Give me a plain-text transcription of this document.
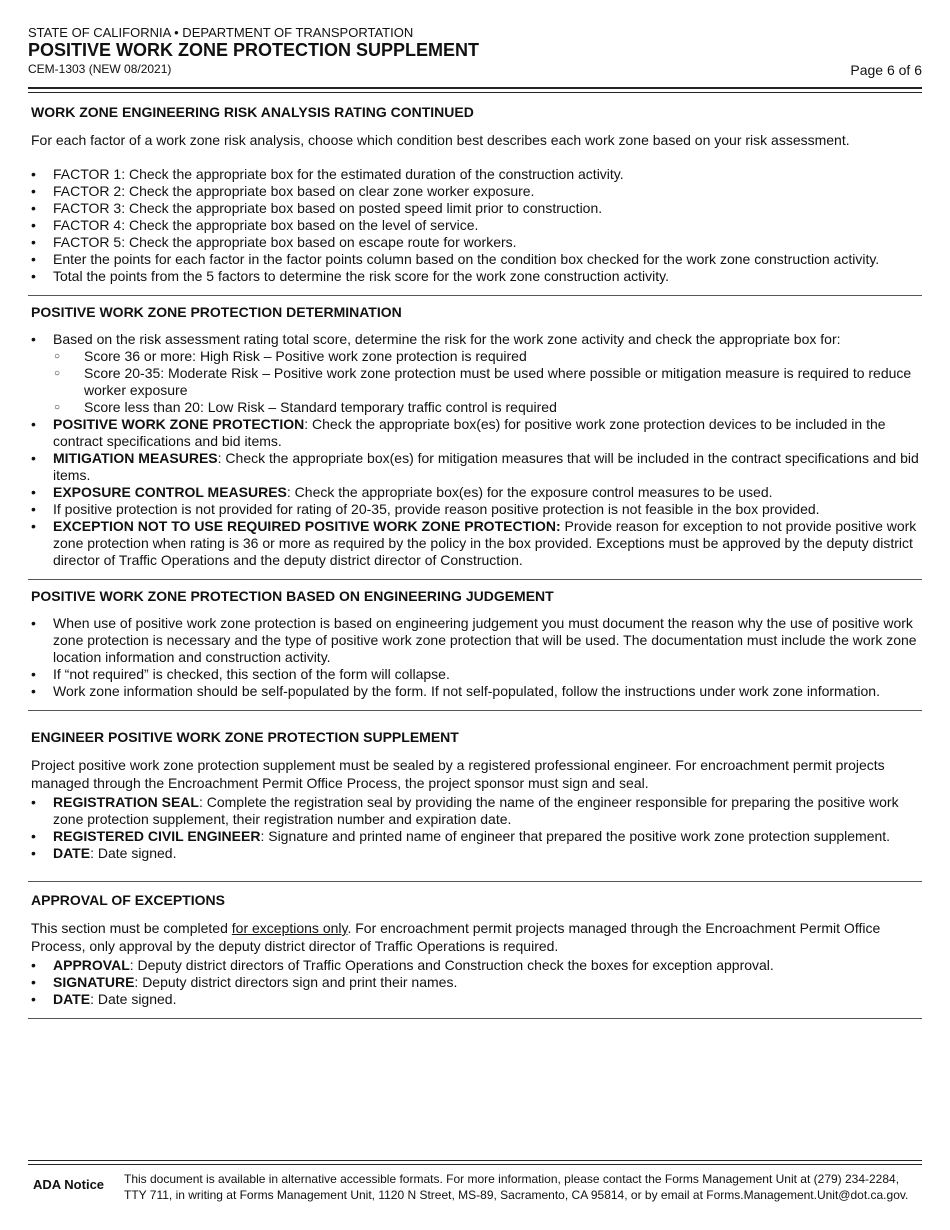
STATE OF CALIFORNIA • DEPARTMENT OF TRANSPORTATION
POSITIVE WORK ZONE PROTECTION SUPPLEMENT
CEM-1303 (NEW 08/2021)	Page 6 of 6
WORK ZONE ENGINEERING RISK ANALYSIS RATING CONTINUED
For each factor of a work zone risk analysis, choose which condition best describes each work zone based on your risk assessment.
• FACTOR 1: Check the appropriate box for the estimated duration of the construction activity.
• FACTOR 2: Check the appropriate box based on clear zone worker exposure.
• FACTOR 3: Check the appropriate box based on posted speed limit prior to construction.
• FACTOR 4: Check the appropriate box based on the level of service.
• FACTOR 5: Check the appropriate box based on escape route for workers.
• Enter the points for each factor in the factor points column based on the condition box checked for the work zone construction activity.
• Total the points from the 5 factors to determine the risk score for the work zone construction activity.
POSITIVE WORK ZONE PROTECTION DETERMINATION
• Based on the risk assessment rating total score, determine the risk for the work zone activity and check the appropriate box for:
○ Score 36 or more: High Risk – Positive work zone protection is required
○ Score 20-35: Moderate Risk – Positive work zone protection must be used where possible or mitigation measure is required to reduce worker exposure
○ Score less than 20: Low Risk – Standard temporary traffic control is required
• POSITIVE WORK ZONE PROTECTION: Check the appropriate box(es) for positive work zone protection devices to be included in the contract specifications and bid items.
• MITIGATION MEASURES: Check the appropriate box(es) for mitigation measures that will be included in the contract specifications and bid items.
• EXPOSURE CONTROL MEASURES: Check the appropriate box(es) for the exposure control measures to be used.
• If positive protection is not provided for rating of 20-35, provide reason positive protection is not feasible in the box provided.
• EXCEPTION NOT TO USE REQUIRED POSITIVE WORK ZONE PROTECTION: Provide reason for exception to not provide positive work zone protection when rating is 36 or more as required by the policy in the box provided. Exceptions must be approved by the deputy district director of Traffic Operations and the deputy district director of Construction.
POSITIVE WORK ZONE PROTECTION BASED ON ENGINEERING JUDGEMENT
• When use of positive work zone protection is based on engineering judgement you must document the reason why the use of positive work zone protection is necessary and the type of positive work zone protection that will be used. The documentation must include the work zone location information and construction activity.
• If “not required” is checked, this section of the form will collapse.
• Work zone information should be self-populated by the form. If not self-populated, follow the instructions under work zone information.
ENGINEER POSITIVE WORK ZONE PROTECTION SUPPLEMENT
Project positive work zone protection supplement must be sealed by a registered professional engineer. For encroachment permit projects managed through the Encroachment Permit Office Process, the project sponsor must sign and seal.
• REGISTRATION SEAL: Complete the registration seal by providing the name of the engineer responsible for preparing the positive work zone protection supplement, their registration number and expiration date.
• REGISTERED CIVIL ENGINEER: Signature and printed name of engineer that prepared the positive work zone protection supplement.
• DATE: Date signed.
APPROVAL OF EXCEPTIONS
This section must be completed for exceptions only. For encroachment permit projects managed through the Encroachment Permit Office Process, only approval by the deputy district director of Traffic Operations is required.
• APPROVAL: Deputy district directors of Traffic Operations and Construction check the boxes for exception approval.
• SIGNATURE: Deputy district directors sign and print their names.
• DATE: Date signed.
ADA Notice This document is available in alternative accessible formats. For more information, please contact the Forms Management Unit at (279) 234-2284, TTY 711, in writing at Forms Management Unit, 1120 N Street, MS-89, Sacramento, CA 95814, or by email at Forms.Management.Unit@dot.ca.gov.
